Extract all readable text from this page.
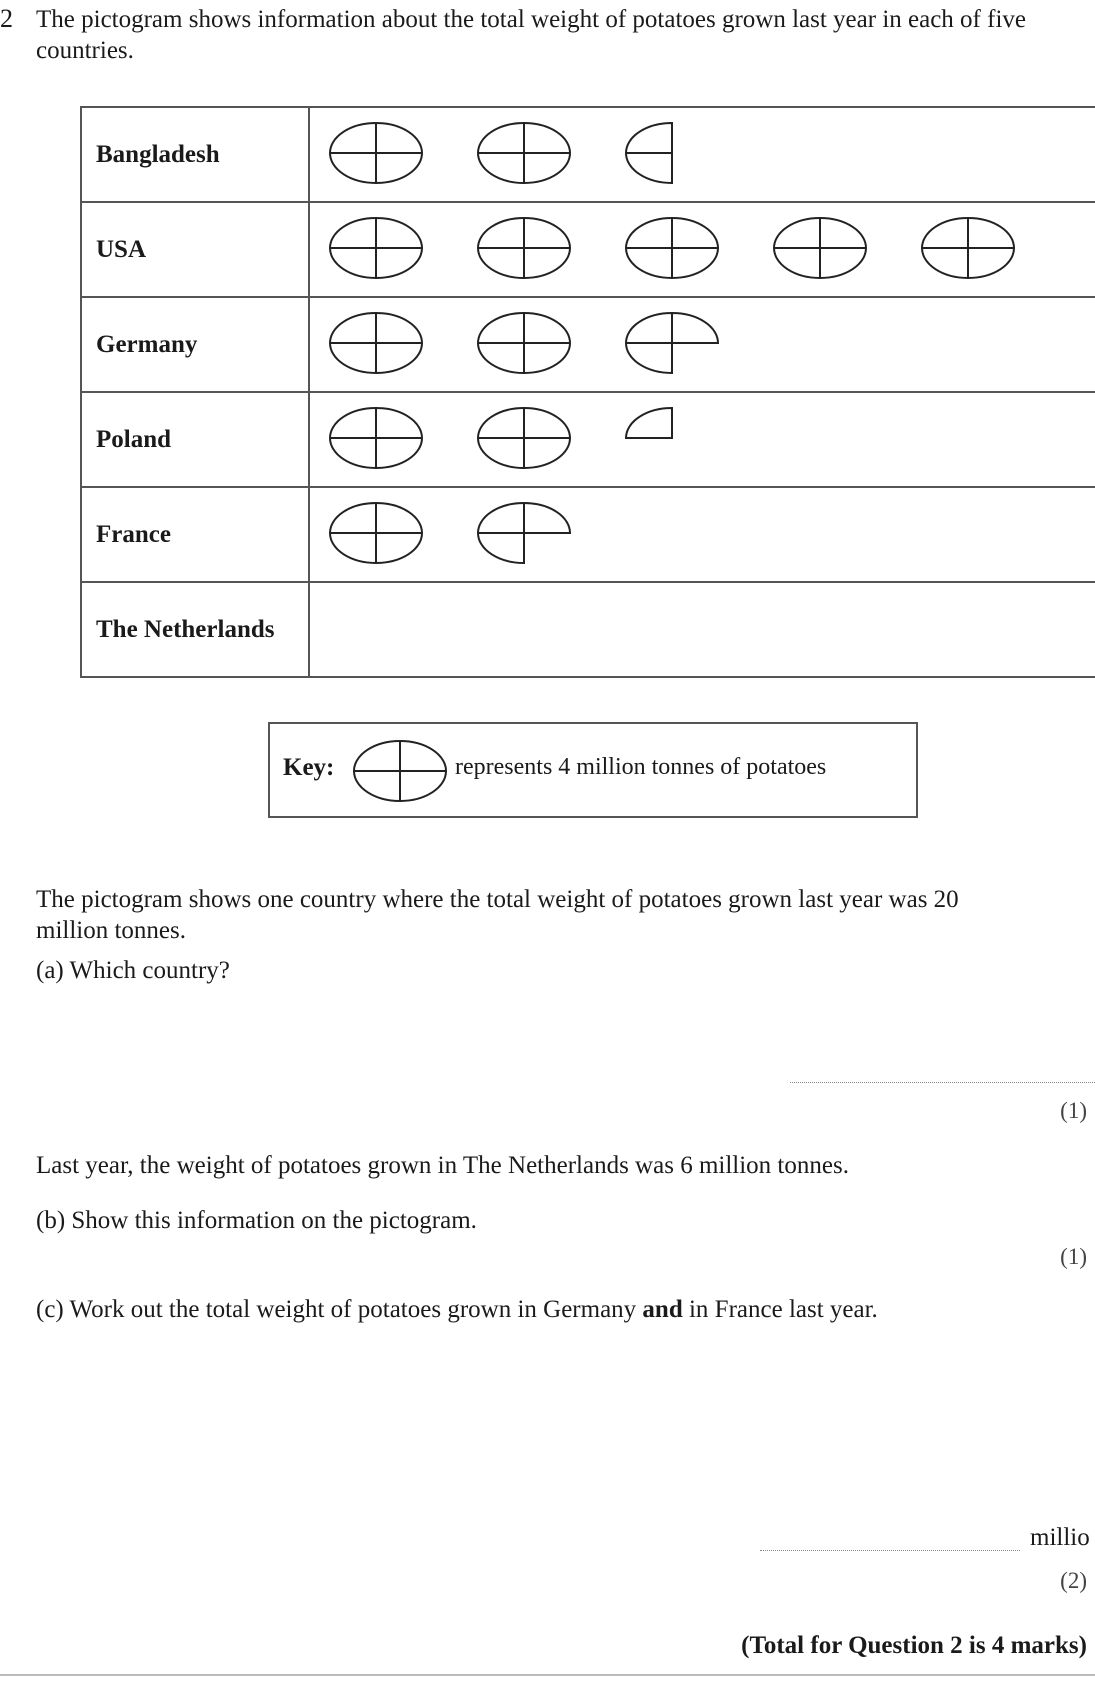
2 The pictogram shows information about the total weight of potatoes grown last year in each of five countries.
Bangladesh	

USA	

Germany	

Poland	

France	

The Netherlands	
Key:	represents 4 million tonnes of potatoes
The pictogram shows one country where the total weight of potatoes grown last year was 20 million tonnes.
(a) Which country?
(1)
Last year, the weight of potatoes grown in The Netherlands was 6 million tonnes.
(b) Show this information on the pictogram.
(1)
(c) Work out the total weight of potatoes grown in Germany and in France last year.
millio
(2)
(Total for Question 2 is 4 marks)
